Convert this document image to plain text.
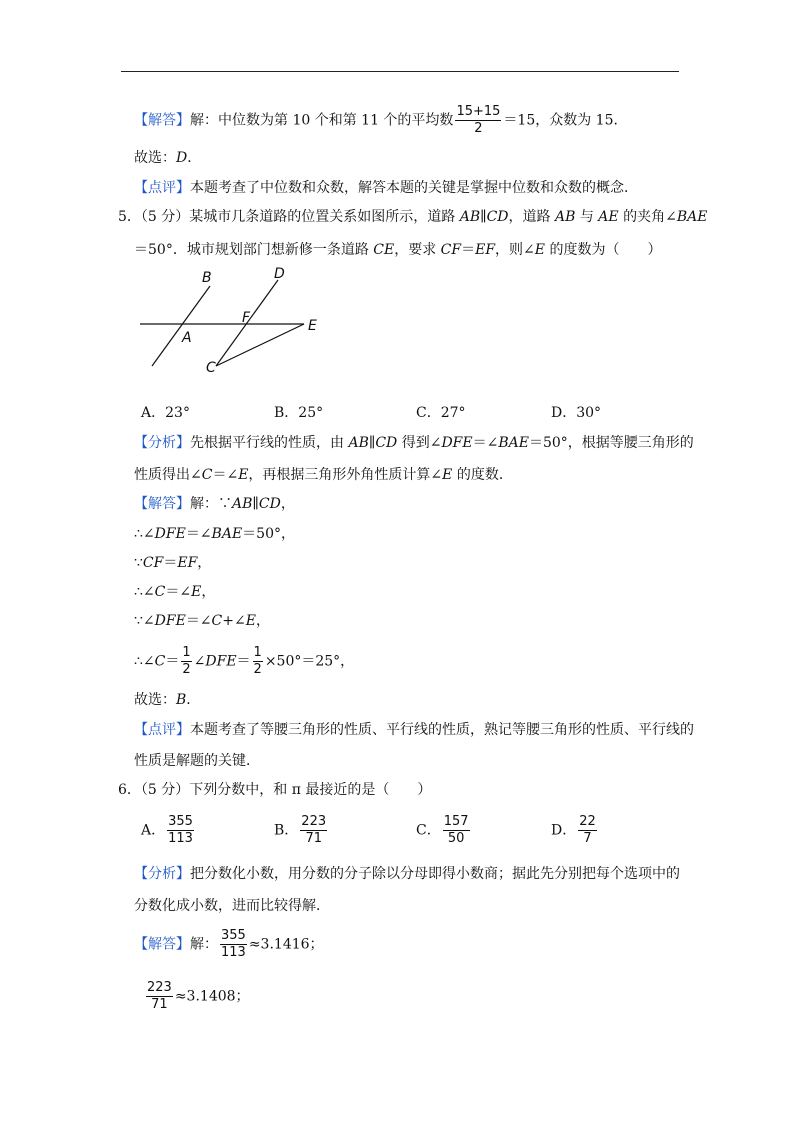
【解答】解：中位数为第 10 个和第 11 个的平均数 $\frac{15+15}{2} =15$，众数为 15．
故选：D．
【点评】本题考查了中位数和众数，解答本题的关键是掌握中位数和众数的概念．
5．（5 分）某城市几条道路的位置关系如图所示，道路 AB∥CD，道路 AB 与 AE 的夹角∠BAE
＝50°．城市规划部门想新修一条道路 CE，要求 CF＝EF，则∠E 的度数为（　　）
B	D
F
A
E
C
A．23°	B．25°	C．27°	D．30°
【分析】先根据平行线的性质，由 AB∥CD 得到∠DFE＝∠BAE＝50°，根据等腰三角形的
性质得出∠C＝∠E，再根据三角形外角性质计算∠E 的度数．
【解答】解：∵AB∥CD，
∴∠DFE＝∠BAE＝50°，
∵CF＝EF，
∴∠C＝∠E，
∵∠DFE＝∠C+∠E，
∴∠C＝ $\frac{1}{2}$ ∠DFE＝ $\frac{1}{2} \times 50^\circ=25^\circ$，
故选：B．
【点评】本题考查了等腰三角形的性质、平行线的性质，熟记等腰三角形的性质、平行线的
性质是解题的关键．
6．（5 分）下列分数中，和 π 最接近的是（　　）
A． $\frac{355}{113}$	B． $\frac{223}{71}$	C． $\frac{157}{50}$	D． $\frac{22}{7}$
【分析】把分数化小数，用分数的分子除以分母即得小数商；据此先分别把每个选项中的
分数化成小数，进而比较得解．
【解答】解： $\frac{355}{113} \approx 3.1416$；
$\frac{223}{71} \approx 3.1408$；
